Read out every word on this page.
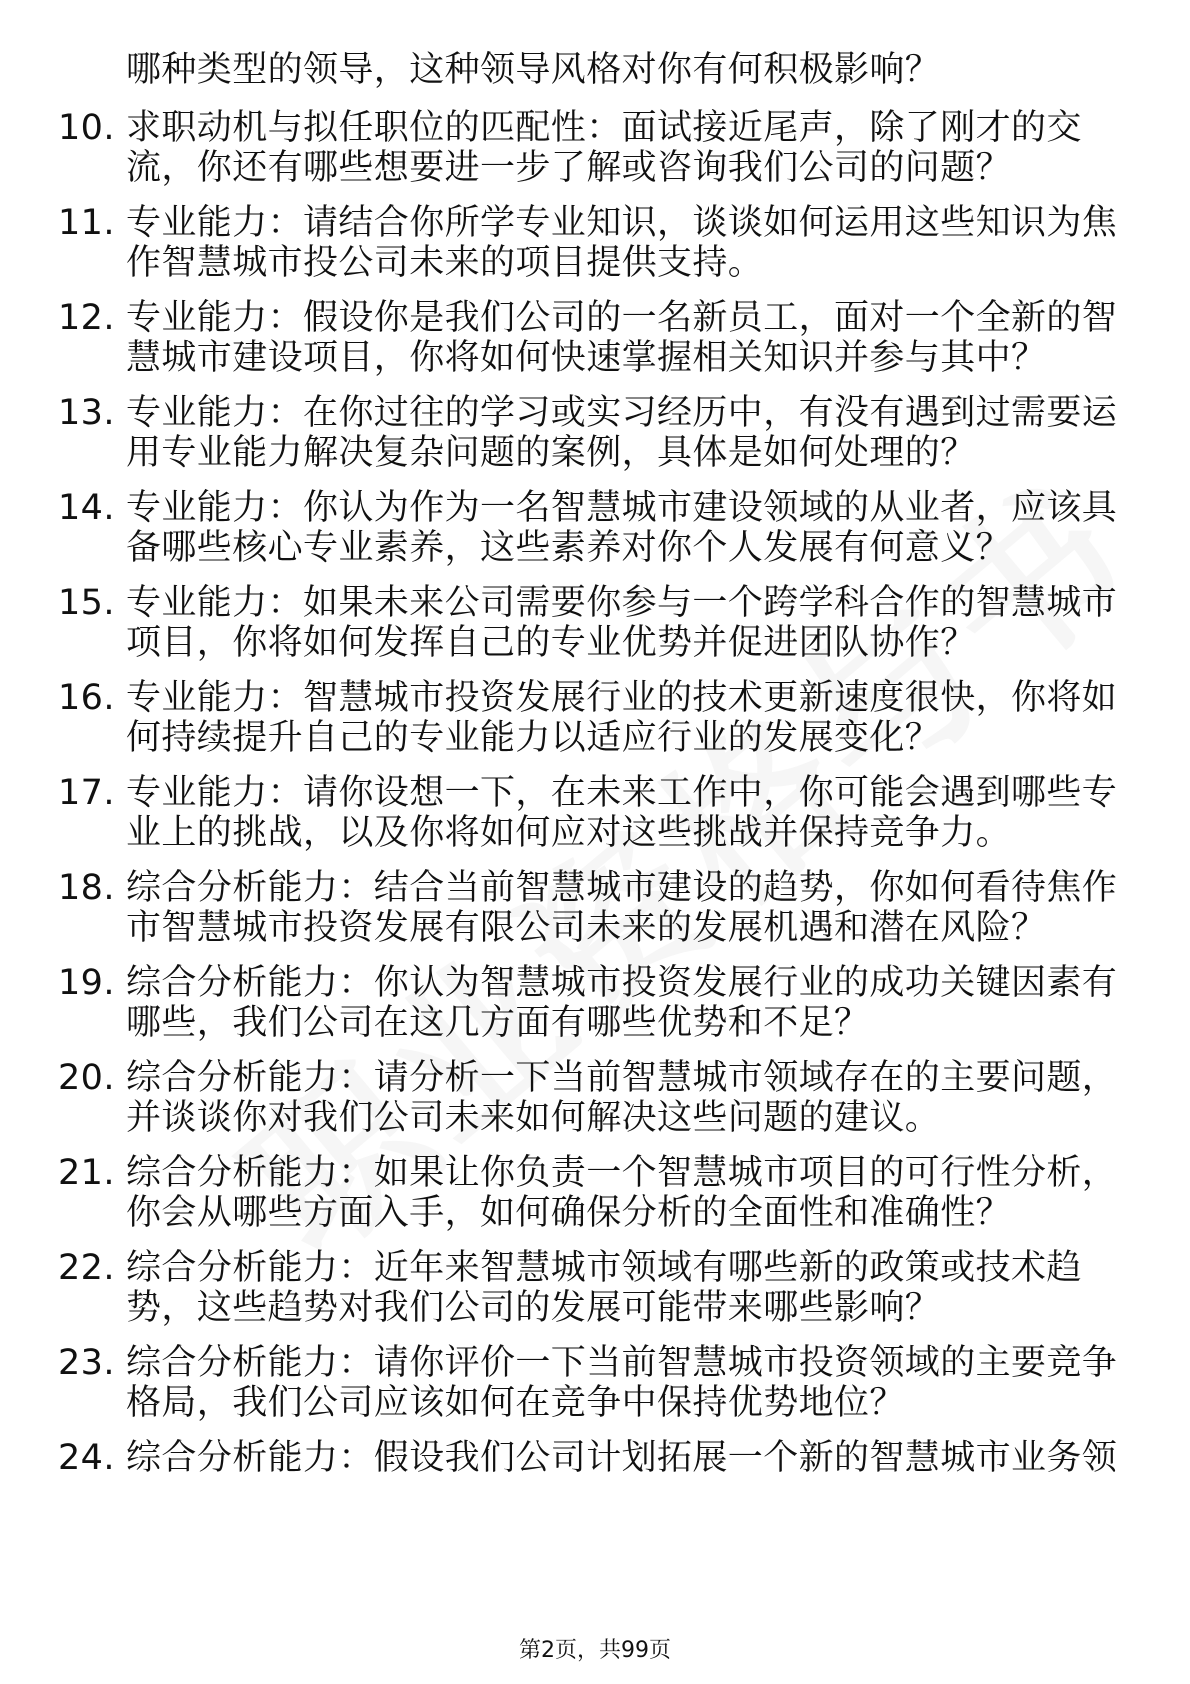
哪种类型的领导，这种领导风格对你有何积极影响？
10. 求职动机与拟任职位的匹配性：面试接近尾声，除了刚才的交
流，你还有哪些想要进一步了解或咨询我们公司的问题？
11. 专业能力：请结合你所学专业知识，谈谈如何运用这些知识为焦
作智慧城市投公司未来的项目提供支持。
12. 专业能力：假设你是我们公司的一名新员工，面对一个全新的智
慧城市建设项目，你将如何快速掌握相关知识并参与其中？
13. 专业能力：在你过往的学习或实习经历中，有没有遇到过需要运
用专业能力解决复杂问题的案例，具体是如何处理的？
14. 专业能力：你认为作为一名智慧城市建设领域的从业者，应该具
备哪些核心专业素养，这些素养对你个人发展有何意义？
15. 专业能力：如果未来公司需要你参与一个跨学科合作的智慧城市
项目，你将如何发挥自己的专业优势并促进团队协作？
16. 专业能力：智慧城市投资发展行业的技术更新速度很快，你将如
何持续提升自己的专业能力以适应行业的发展变化？
17. 专业能力：请你设想一下，在未来工作中，你可能会遇到哪些专
业上的挑战，以及你将如何应对这些挑战并保持竞争力。
18. 综合分析能力：结合当前智慧城市建设的趋势，你如何看待焦作
市智慧城市投资发展有限公司未来的发展机遇和潜在风险？
19. 综合分析能力：你认为智慧城市投资发展行业的成功关键因素有
哪些，我们公司在这几方面有哪些优势和不足？
20. 综合分析能力：请分析一下当前智慧城市领域存在的主要问题，
并谈谈你对我们公司未来如何解决这些问题的建议。
21. 综合分析能力：如果让你负责一个智慧城市项目的可行性分析，
你会从哪些方面入手，如何确保分析的全面性和准确性？
22. 综合分析能力：近年来智慧城市领域有哪些新的政策或技术趋
势，这些趋势对我们公司的发展可能带来哪些影响？
23. 综合分析能力：请你评价一下当前智慧城市投资领域的主要竞争
格局，我们公司应该如何在竞争中保持优势地位？
24. 综合分析能力：假设我们公司计划拓展一个新的智慧城市业务领
第2页，共99页
